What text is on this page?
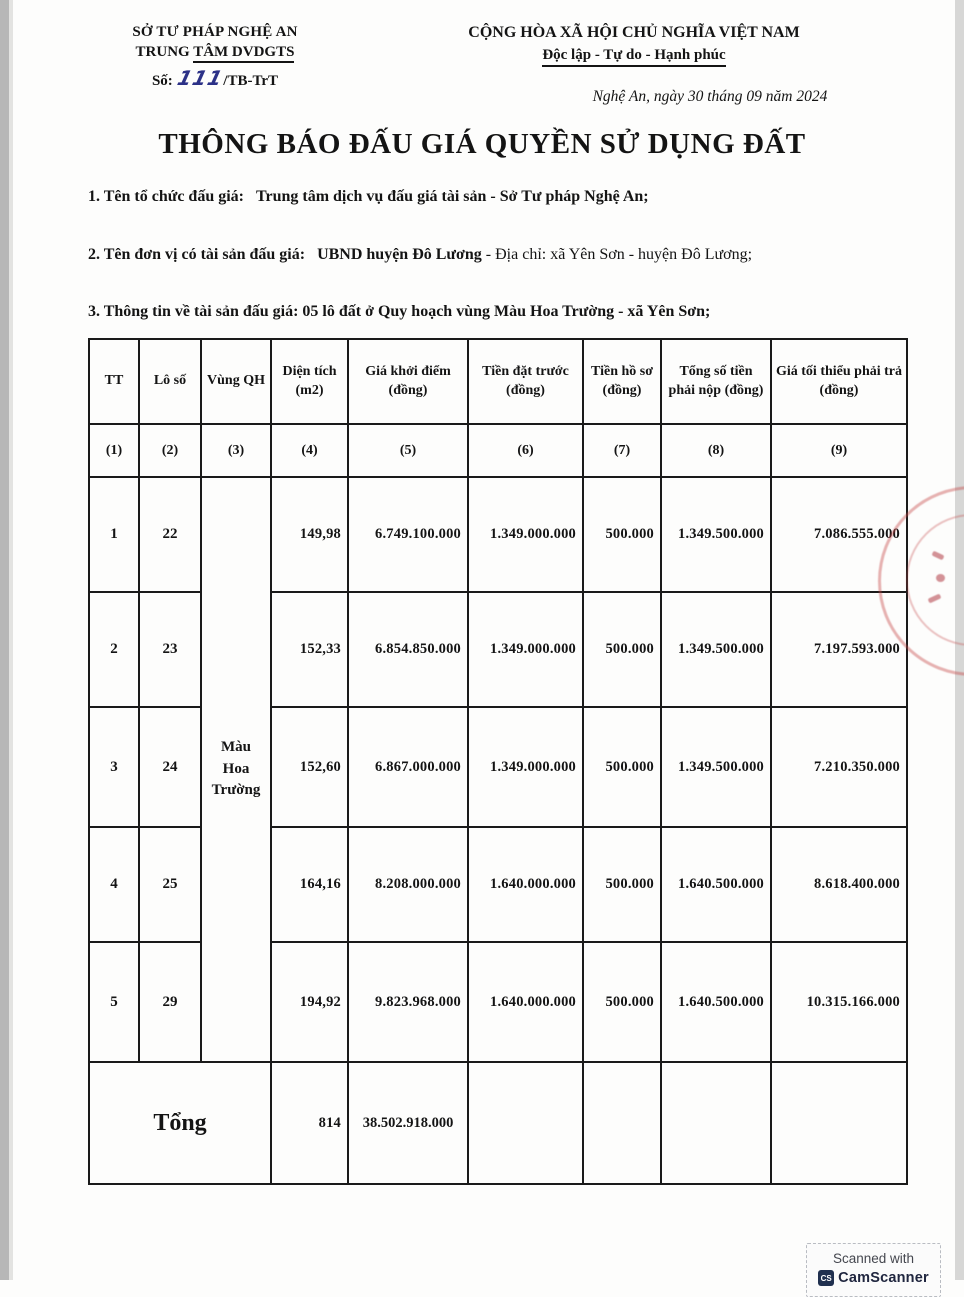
SỞ TƯ PHÁP NGHỆ AN
TRUNG TÂM DVDGTS
Số: 111/TB-TrT
CỘNG HÒA XÃ HỘI CHỦ NGHĨA VIỆT NAM
Độc lập - Tự do - Hạnh phúc
Nghệ An, ngày 30 tháng 09 năm 2024
THÔNG BÁO ĐẤU GIÁ QUYỀN SỬ DỤNG ĐẤT
1. Tên tổ chức đấu giá: Trung tâm dịch vụ đấu giá tài sản - Sở Tư pháp Nghệ An;
2. Tên đơn vị có tài sản đấu giá: UBND huyện Đô Lương - Địa chỉ: xã Yên Sơn - huyện Đô Lương;
3. Thông tin về tài sản đấu giá: 05 lô đất ở Quy hoạch vùng Màu Hoa Trường - xã Yên Sơn;
TT	Lô số	Vùng QH	Diện tích (m2)	Giá khởi điểm (đồng)	Tiền đặt trước (đồng)	Tiền hồ sơ (đồng)	Tổng số tiền phải nộp (đồng)	Giá tối thiểu phải trả (đồng)
(1)	(2)	(3)	(4)	(5)	(6)	(7)	(8)	(9)
1	22	Màu Hoa Trường	149,98	6.749.100.000	1.349.000.000	500.000	1.349.500.000	7.086.555.000
2	23		152,33	6.854.850.000	1.349.000.000	500.000	1.349.500.000	7.197.593.000
3	24		152,60	6.867.000.000	1.349.000.000	500.000	1.349.500.000	7.210.350.000
4	25		164,16	8.208.000.000	1.640.000.000	500.000	1.640.500.000	8.618.400.000
5	29		194,92	9.823.968.000	1.640.000.000	500.000	1.640.500.000	10.315.166.000
Tổng			814	38.502.918.000				
Scanned with
CS CamScanner
